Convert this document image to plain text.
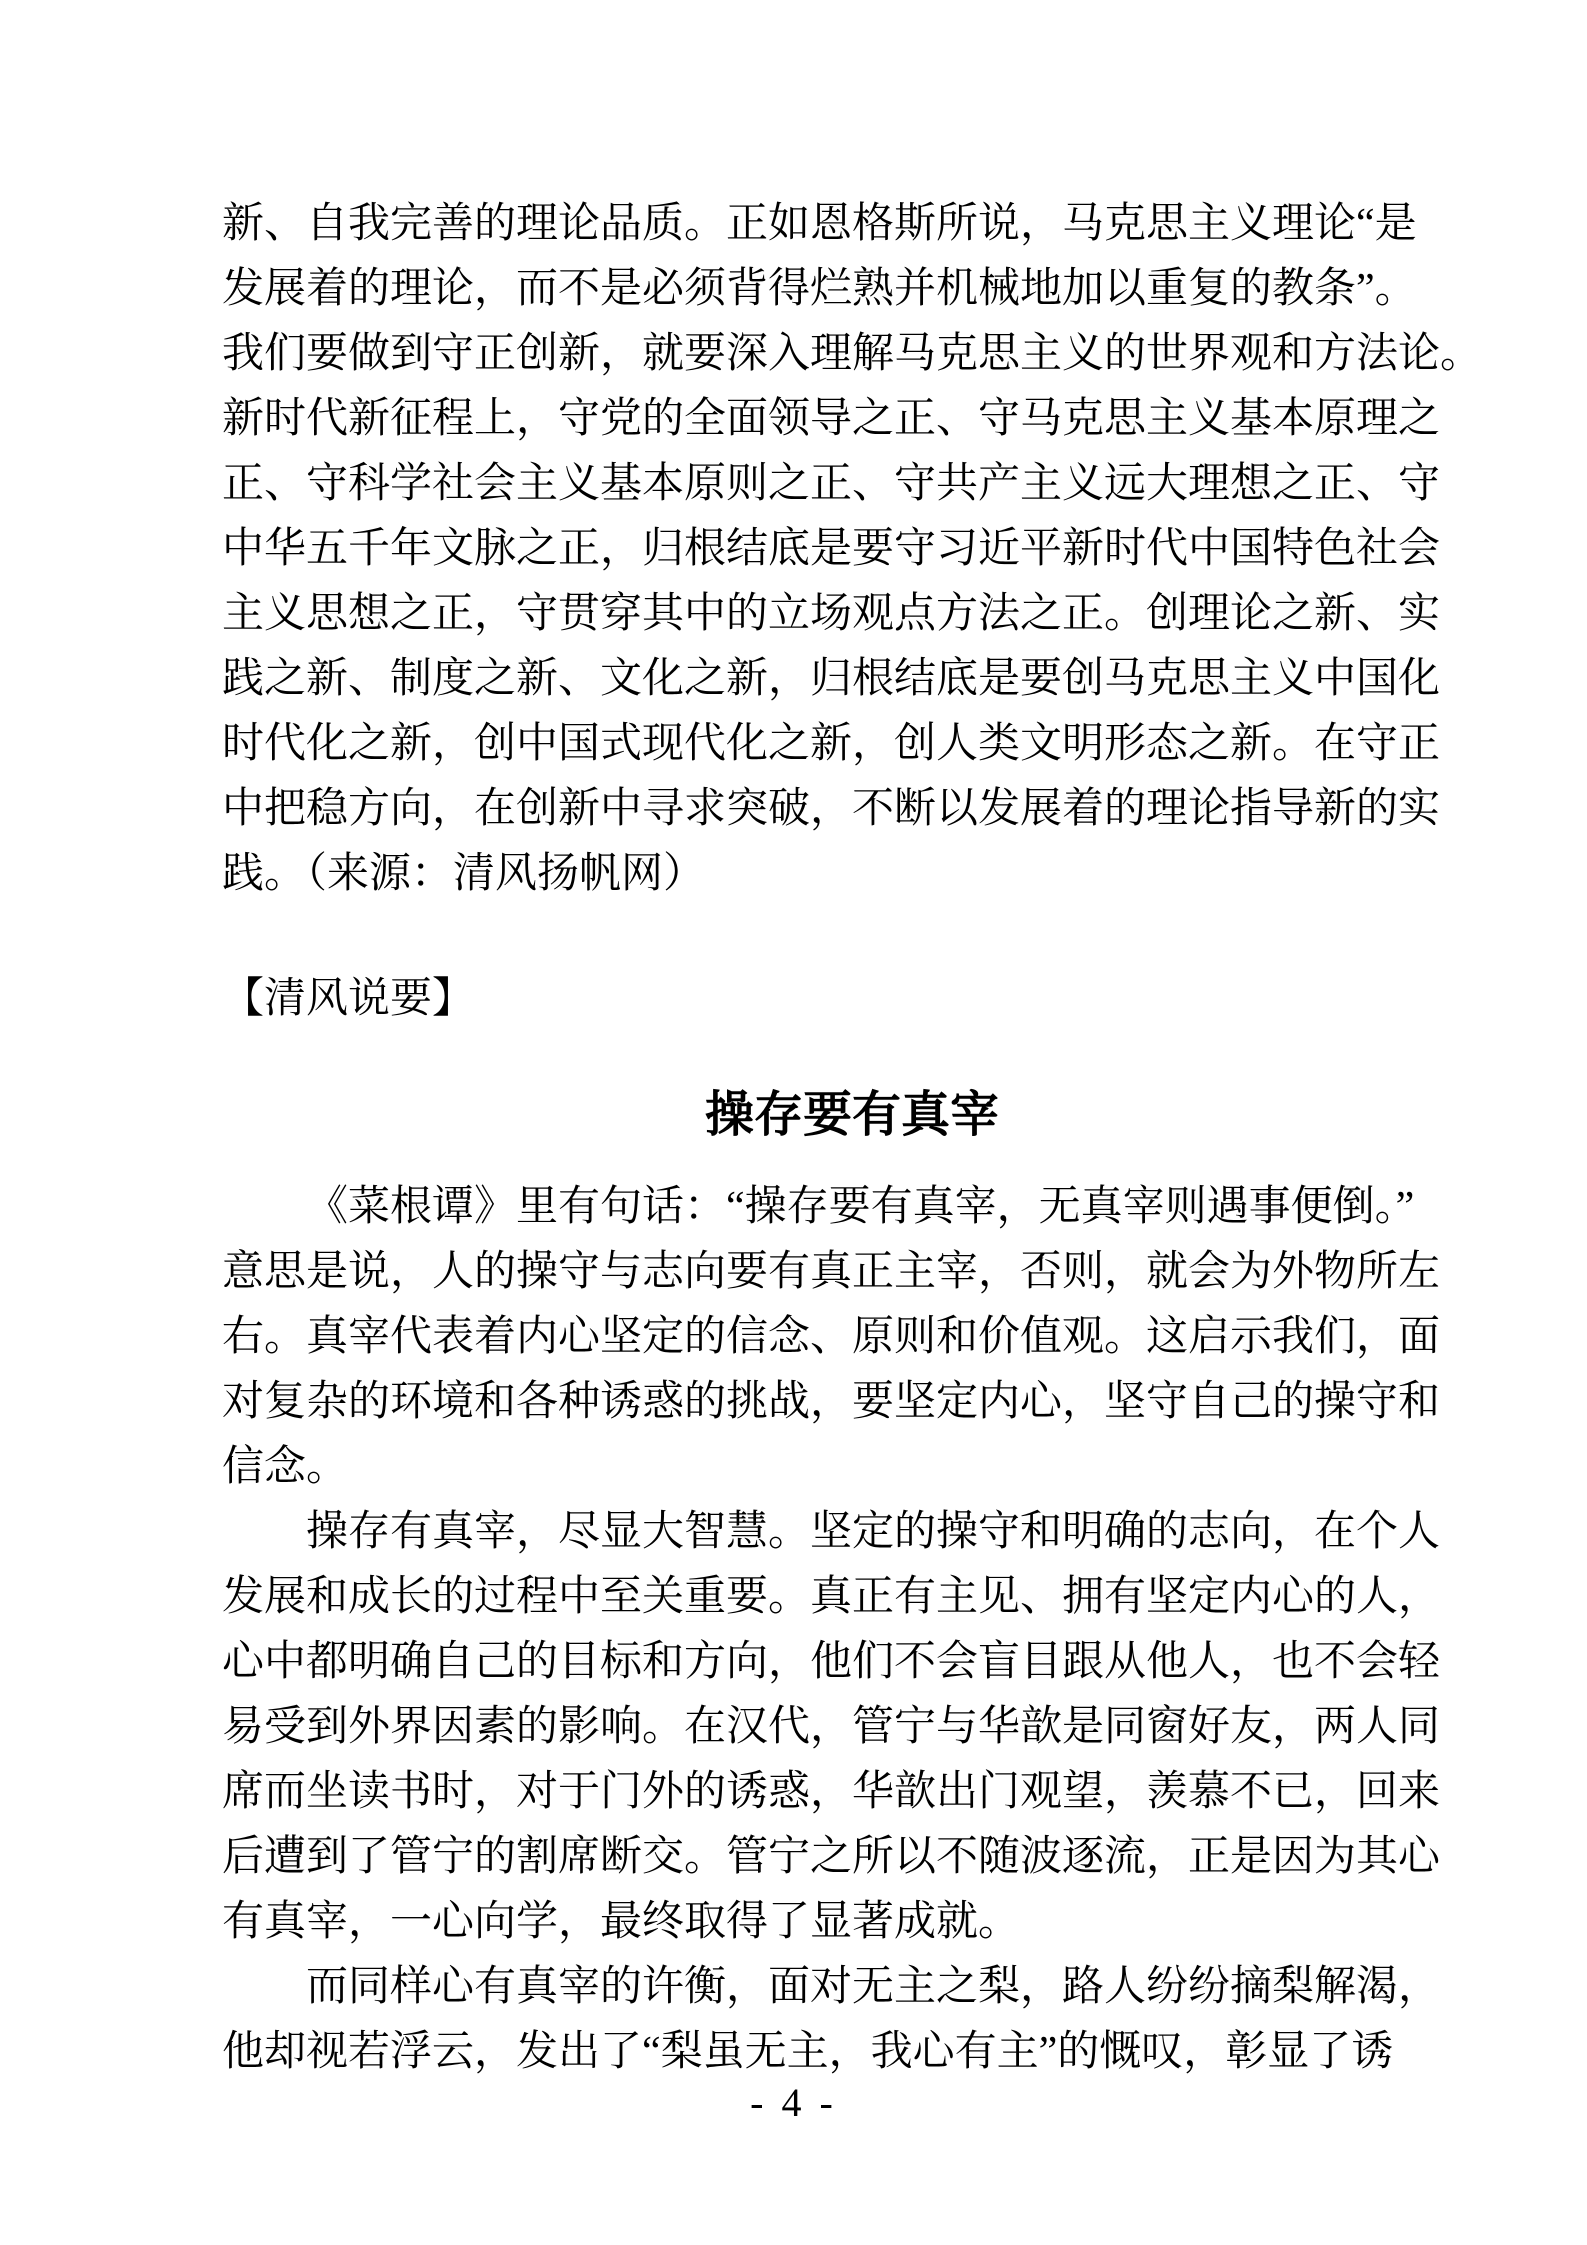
新、自我完善的理论品质。正如恩格斯所说，马克思主义理论“是
发展着的理论，而不是必须背得烂熟并机械地加以重复的教条”。
我们要做到守正创新，就要深入理解马克思主义的世界观和方法论。
新时代新征程上，守党的全面领导之正、守马克思主义基本原理之
正、守科学社会主义基本原则之正、守共产主义远大理想之正、守
中华五千年文脉之正，归根结底是要守习近平新时代中国特色社会
主义思想之正，守贯穿其中的立场观点方法之正。创理论之新、实
践之新、制度之新、文化之新，归根结底是要创马克思主义中国化
时代化之新，创中国式现代化之新，创人类文明形态之新。在守正
中把稳方向，在创新中寻求突破，不断以发展着的理论指导新的实
践。（来源：清风扬帆网）
【清风说要】
操存要有真宰
《菜根谭》里有句话：“操存要有真宰，无真宰则遇事便倒。”
意思是说，人的操守与志向要有真正主宰，否则，就会为外物所左
右。真宰代表着内心坚定的信念、原则和价值观。这启示我们，面
对复杂的环境和各种诱惑的挑战，要坚定内心，坚守自己的操守和
信念。
操存有真宰，尽显大智慧。坚定的操守和明确的志向，在个人
发展和成长的过程中至关重要。真正有主见、拥有坚定内心的人，
心中都明确自己的目标和方向，他们不会盲目跟从他人，也不会轻
易受到外界因素的影响。在汉代，管宁与华歆是同窗好友，两人同
席而坐读书时，对于门外的诱惑，华歆出门观望，羡慕不已，回来
后遭到了管宁的割席断交。管宁之所以不随波逐流，正是因为其心
有真宰，一心向学，最终取得了显著成就。
而同样心有真宰的许衡，面对无主之梨，路人纷纷摘梨解渴，
他却视若浮云，发出了“梨虽无主，我心有主”的慨叹，彰显了诱
- 4 -
